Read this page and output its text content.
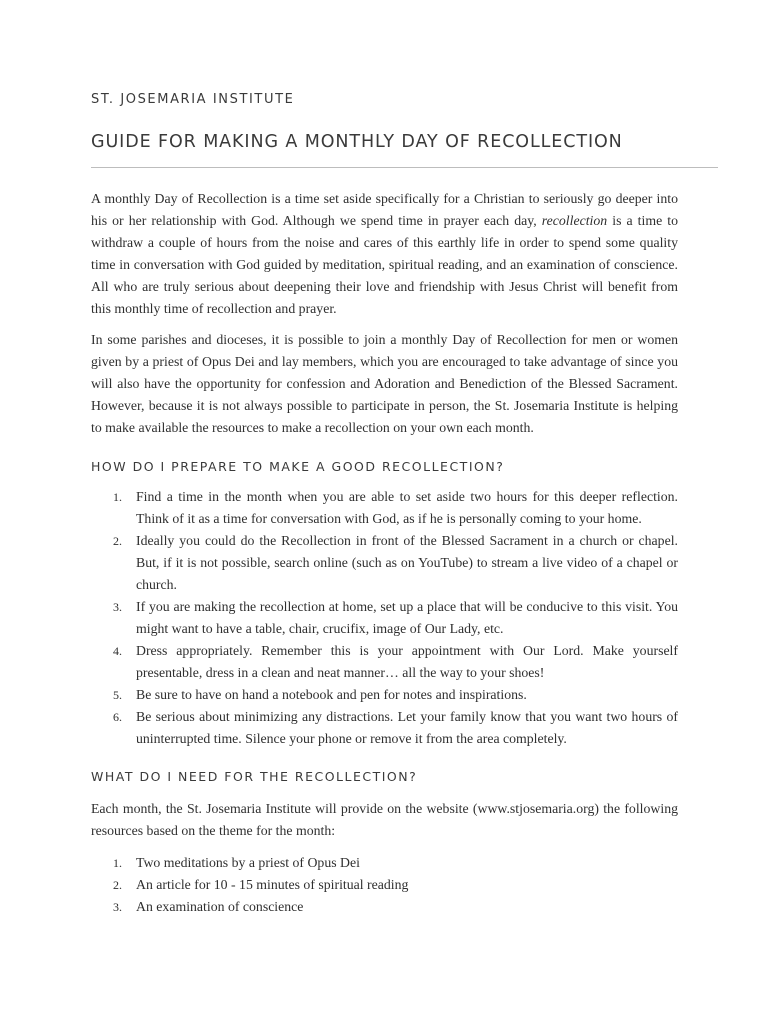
ST. JOSEMARIA INSTITUTE
GUIDE FOR MAKING A MONTHLY DAY OF RECOLLECTION

A monthly Day of Recollection is a time set aside specifically for a Christian to seriously go deeper into his or her relationship with God. Although we spend time in prayer each day, recollection is a time to withdraw a couple of hours from the noise and cares of this earthly life in order to spend some quality time in conversation with God guided by meditation, spiritual reading, and an examination of conscience. All who are truly serious about deepening their love and friendship with Jesus Christ will benefit from this monthly time of recollection and prayer.

In some parishes and dioceses, it is possible to join a monthly Day of Recollection for men or women given by a priest of Opus Dei and lay members, which you are encouraged to take advantage of since you will also have the opportunity for confession and Adoration and Benediction of the Blessed Sacrament. However, because it is not always possible to participate in person, the St. Josemaria Institute is helping to make available the resources to make a recollection on your own each month.

HOW DO I PREPARE TO MAKE A GOOD RECOLLECTION?
1. Find a time in the month when you are able to set aside two hours for this deeper reflection. Think of it as a time for conversation with God, as if he is personally coming to your home.
2. Ideally you could do the Recollection in front of the Blessed Sacrament in a church or chapel. But, if it is not possible, search online (such as on YouTube) to stream a live video of a chapel or church.
3. If you are making the recollection at home, set up a place that will be conducive to this visit. You might want to have a table, chair, crucifix, image of Our Lady, etc.
4. Dress appropriately. Remember this is your appointment with Our Lord. Make yourself presentable, dress in a clean and neat manner… all the way to your shoes!
5. Be sure to have on hand a notebook and pen for notes and inspirations.
6. Be serious about minimizing any distractions. Let your family know that you want two hours of uninterrupted time. Silence your phone or remove it from the area completely.
WHAT DO I NEED FOR THE RECOLLECTION?

Each month, the St. Josemaria Institute will provide on the website (www.stjosemaria.org) the following resources based on the theme for the month:

1. Two meditations by a priest of Opus Dei
2. An article for 10 - 15 minutes of spiritual reading
3. An examination of conscience
